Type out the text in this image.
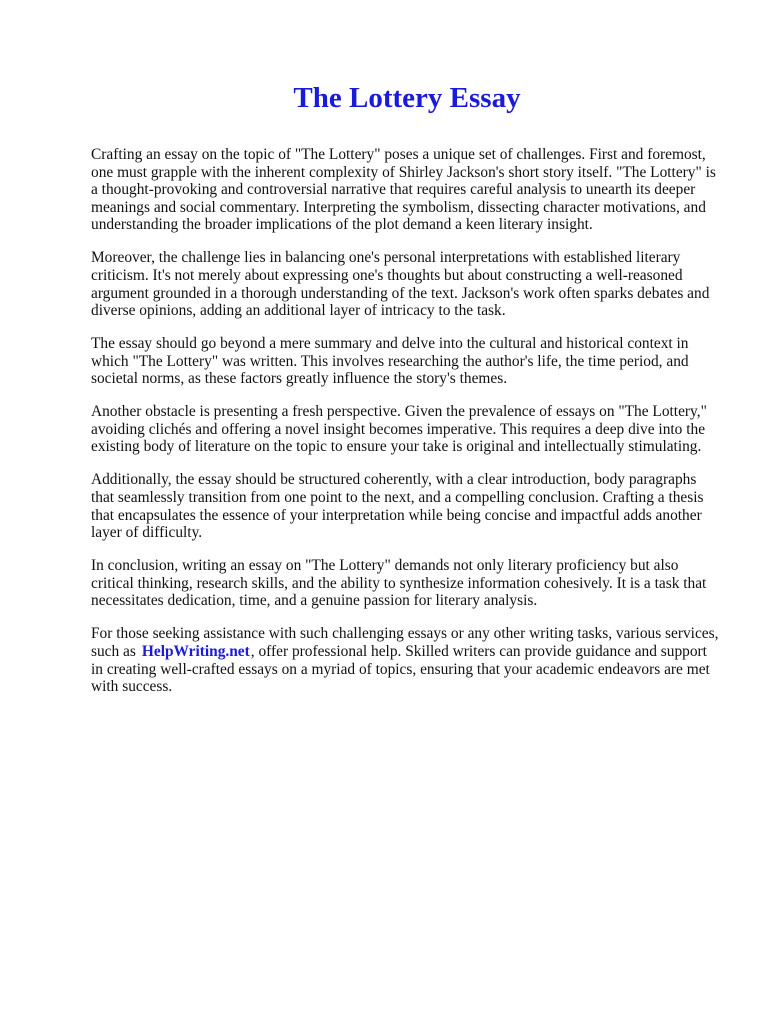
The Lottery Essay

Crafting an essay on the topic of "The Lottery" poses a unique set of challenges. First and foremost, one must grapple with the inherent complexity of Shirley Jackson's short story itself. "The Lottery" is a thought-provoking and controversial narrative that requires careful analysis to unearth its deeper meanings and social commentary. Interpreting the symbolism, dissecting character motivations, and understanding the broader implications of the plot demand a keen literary insight.

Moreover, the challenge lies in balancing one's personal interpretations with established literary criticism. It's not merely about expressing one's thoughts but about constructing a well-reasoned argument grounded in a thorough understanding of the text. Jackson's work often sparks debates and diverse opinions, adding an additional layer of intricacy to the task.

The essay should go beyond a mere summary and delve into the cultural and historical context in which "The Lottery" was written. This involves researching the author's life, the time period, and societal norms, as these factors greatly influence the story's themes.

Another obstacle is presenting a fresh perspective. Given the prevalence of essays on "The Lottery," avoiding clichés and offering a novel insight becomes imperative. This requires a deep dive into the existing body of literature on the topic to ensure your take is original and intellectually stimulating.

Additionally, the essay should be structured coherently, with a clear introduction, body paragraphs that seamlessly transition from one point to the next, and a compelling conclusion. Crafting a thesis that encapsulates the essence of your interpretation while being concise and impactful adds another layer of difficulty.

In conclusion, writing an essay on "The Lottery" demands not only literary proficiency but also critical thinking, research skills, and the ability to synthesize information cohesively. It is a task that necessitates dedication, time, and a genuine passion for literary analysis.

For those seeking assistance with such challenging essays or any other writing tasks, various services, such as HelpWriting.net, offer professional help. Skilled writers can provide guidance and support in creating well-crafted essays on a myriad of topics, ensuring that your academic endeavors are met with success.
